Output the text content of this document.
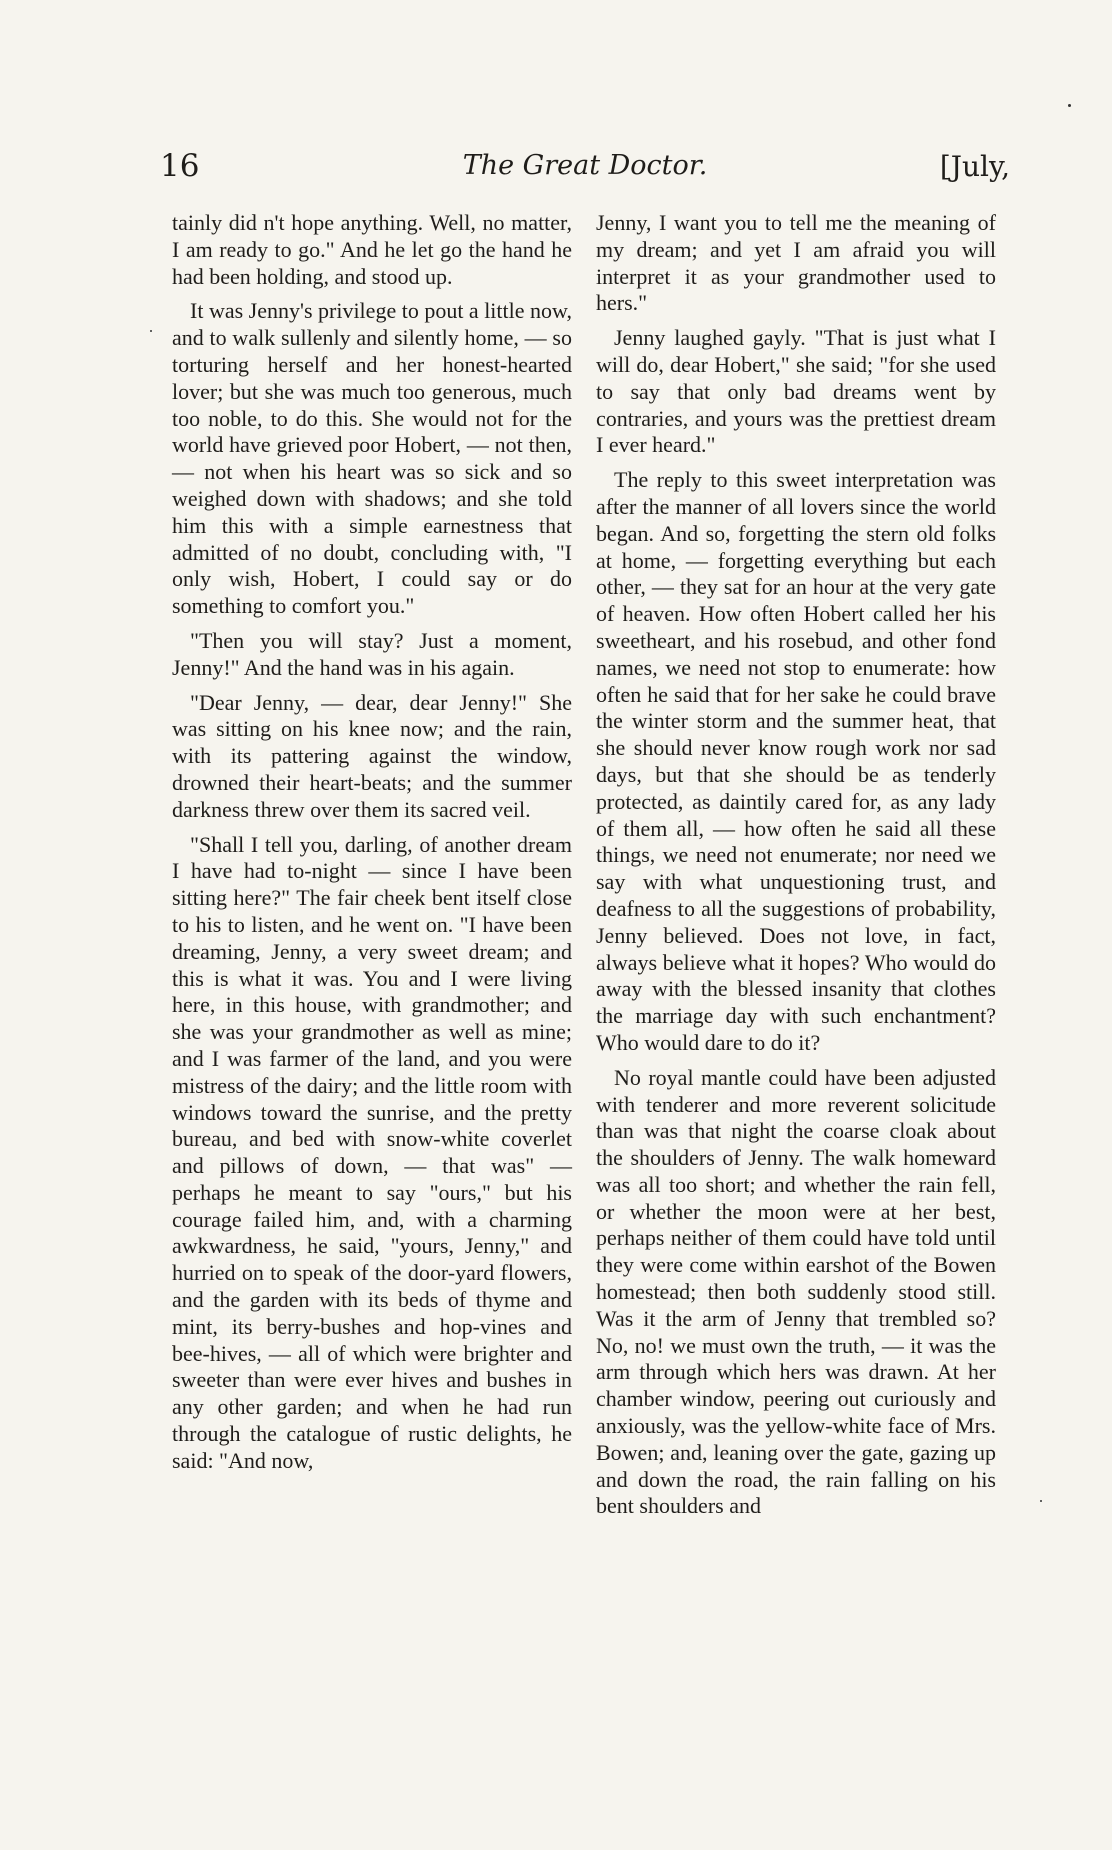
16	The Great Doctor.	[July,

tainly did n't hope anything. Well, no matter, I am ready to go." And he let go the hand he had been holding, and stood up.

It was Jenny's privilege to pout a little now, and to walk sullenly and silently home, — so torturing herself and her honest-hearted lover; but she was much too generous, much too noble, to do this. She would not for the world have grieved poor Hobert, — not then, — not when his heart was so sick and so weighed down with shadows; and she told him this with a simple earnestness that admitted of no doubt, concluding with, "I only wish, Hobert, I could say or do something to comfort you."

"Then you will stay? Just a moment, Jenny!" And the hand was in his again.

"Dear Jenny, — dear, dear Jenny!" She was sitting on his knee now; and the rain, with its pattering against the window, drowned their heart-beats; and the summer darkness threw over them its sacred veil.

"Shall I tell you, darling, of another dream I have had to-night — since I have been sitting here?" The fair cheek bent itself close to his to listen, and he went on. "I have been dreaming, Jenny, a very sweet dream; and this is what it was. You and I were living here, in this house, with grandmother; and she was your grandmother as well as mine; and I was farmer of the land, and you were mistress of the dairy; and the little room with windows toward the sunrise, and the pretty bureau, and bed with snow-white coverlet and pillows of down, — that was" — perhaps he meant to say "ours," but his courage failed him, and, with a charming awkwardness, he said, "yours, Jenny," and hurried on to speak of the door-yard flowers, and the garden with its beds of thyme and mint, its berry-bushes and hop-vines and bee-hives, — all of which were brighter and sweeter than were ever hives and bushes in any other garden; and when he had run through the catalogue of rustic delights, he said: "And now,

Jenny, I want you to tell me the meaning of my dream; and yet I am afraid you will interpret it as your grandmother used to hers."

Jenny laughed gayly. "That is just what I will do, dear Hobert," she said; "for she used to say that only bad dreams went by contraries, and yours was the prettiest dream I ever heard."

The reply to this sweet interpretation was after the manner of all lovers since the world began. And so, forgetting the stern old folks at home, — forgetting everything but each other, — they sat for an hour at the very gate of heaven. How often Hobert called her his sweetheart, and his rosebud, and other fond names, we need not stop to enumerate: how often he said that for her sake he could brave the winter storm and the summer heat, that she should never know rough work nor sad days, but that she should be as tenderly protected, as daintily cared for, as any lady of them all, — how often he said all these things, we need not enumerate; nor need we say with what unquestioning trust, and deafness to all the suggestions of probability, Jenny believed. Does not love, in fact, always believe what it hopes? Who would do away with the blessed insanity that clothes the marriage day with such enchantment? Who would dare to do it?

No royal mantle could have been adjusted with tenderer and more reverent solicitude than was that night the coarse cloak about the shoulders of Jenny. The walk homeward was all too short; and whether the rain fell, or whether the moon were at her best, perhaps neither of them could have told until they were come within earshot of the Bowen homestead; then both suddenly stood still. Was it the arm of Jenny that trembled so? No, no! we must own the truth, — it was the arm through which hers was drawn. At her chamber window, peering out curiously and anxiously, was the yellow-white face of Mrs. Bowen; and, leaning over the gate, gazing up and down the road, the rain falling on his bent shoulders and
